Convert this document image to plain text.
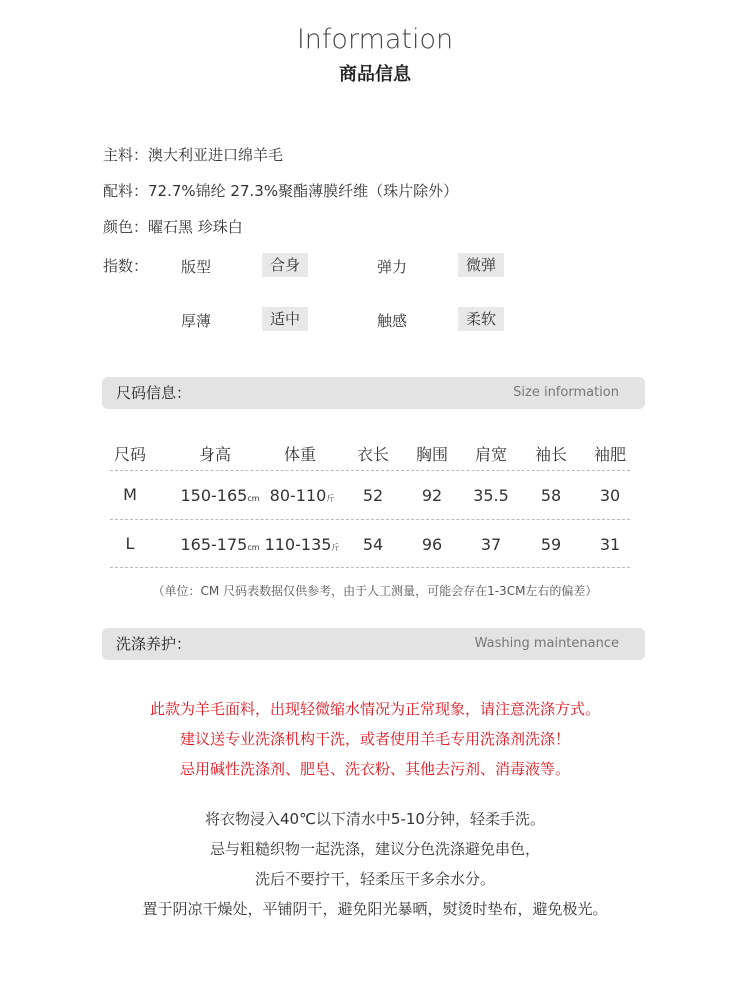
Information
商品信息
主料：澳大利亚进口绵羊毛
配料：72.7%锦纶 27.3%聚酯薄膜纤维（珠片除外）
颜色：曜石黑 珍珠白
指数： 版型	合身	弹力	微弹
厚薄	适中	触感	柔软
尺码信息：	Size information
尺码	身高	体重	衣长 胸围 肩宽 袖长 袖肥
M	150-165cm 80-110斤 52 92 35.5 58 30
L	165-175cm 110-135斤 54 96 37 59 31
（单位：CM 尺码表数据仅供参考，由于人工测量，可能会存在1-3CM左右的偏差）
洗涤养护：	Washing maintenance
此款为羊毛面料，出现轻微缩水情况为正常现象，请注意洗涤方式。
建议送专业洗涤机构干洗，或者使用羊毛专用洗涤剂洗涤！
忌用碱性洗涤剂、肥皂、洗衣粉、其他去污剂、消毒液等。
将衣物浸入40℃以下清水中5-10分钟，轻柔手洗。
忌与粗糙织物一起洗涤，建议分色洗涤避免串色，
洗后不要拧干，轻柔压干多余水分。
置于阴凉干燥处，平铺阴干，避免阳光暴晒，熨烫时垫布，避免极光。
